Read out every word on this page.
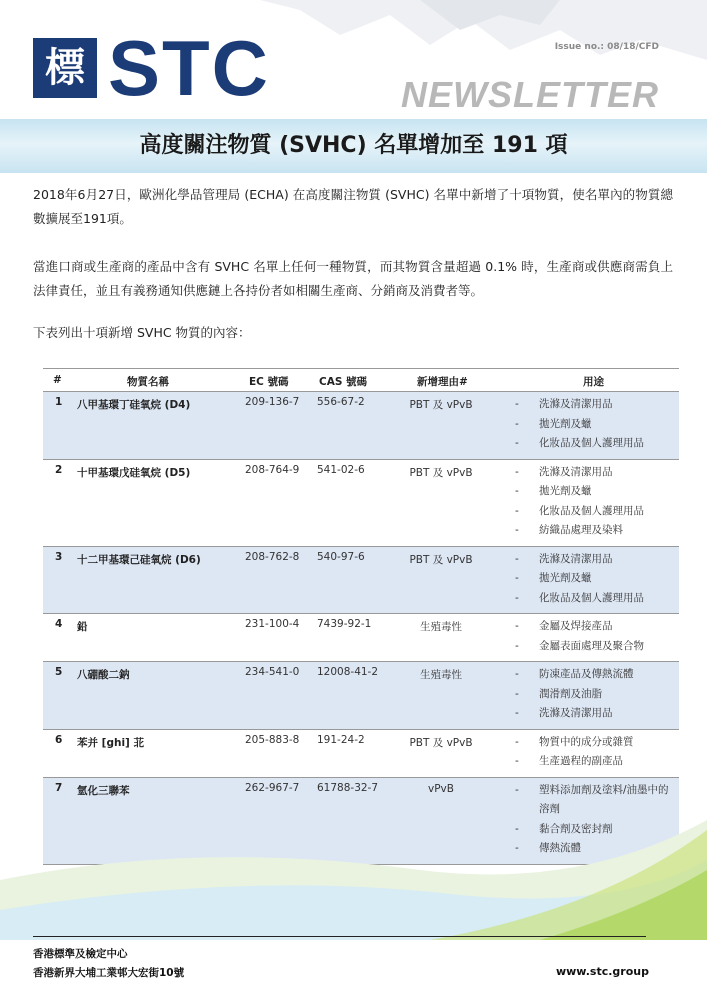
標 STC	Issue no.: 08/18/CFD
NEWSLETTER
高度關注物質 (SVHC) 名單增加至 191 項
2018年6月27日，歐洲化學品管理局 (ECHA) 在高度關注物質 (SVHC) 名單中新增了十項物質，使名單內的物質總數擴展至191項。
當進口商或生產商的產品中含有 SVHC 名單上任何一種物質，而其物質含量超過 0.1% 時，生產商或供應商需負上法律責任，並且有義務通知供應鏈上各持份者如相關生產商、分銷商及消費者等。
下表列出十項新增 SVHC 物質的內容：
#	物質名稱	EC 號碼	CAS 號碼	新增理由#	用途
1 八甲基環丁硅氧烷 (D4)	209-136-7 556-67-2	PBT 及 vPvB	- 洗滌及清潔用品
- 拋光劑及蠟
- 化妝品及個人護理用品
2 十甲基環戊硅氧烷 (D5)	208-764-9 541-02-6	PBT 及 vPvB	- 洗滌及清潔用品
- 拋光劑及蠟
- 化妝品及個人護理用品
- 紡織品處理及染料
3 十二甲基環己硅氧烷 (D6)	208-762-8 540-97-6	PBT 及 vPvB	- 洗滌及清潔用品
- 拋光劑及蠟
- 化妝品及個人護理用品
4 鉛	231-100-4 7439-92-1	生殖毒性	- 金屬及焊接產品
- 金屬表面處理及聚合物
5 八硼酸二鈉	234-541-0 12008-41-2	生殖毒性	- 防凍產品及傳熱流體
- 潤滑劑及油脂
- 洗滌及清潔用品
6 苯并 [ghi] 苝	205-883-8 191-24-2	PBT 及 vPvB	- 物質中的成分或雜質
- 生產過程的副產品
7 氫化三聯苯	262-967-7 61788-32-7	vPvB	- 塑料添加劑及塗料/油墨中的溶劑
- 黏合劑及密封劑
- 傳熱流體
香港標準及檢定中心
香港新界大埔工業邨大宏街10號	www.stc.group
